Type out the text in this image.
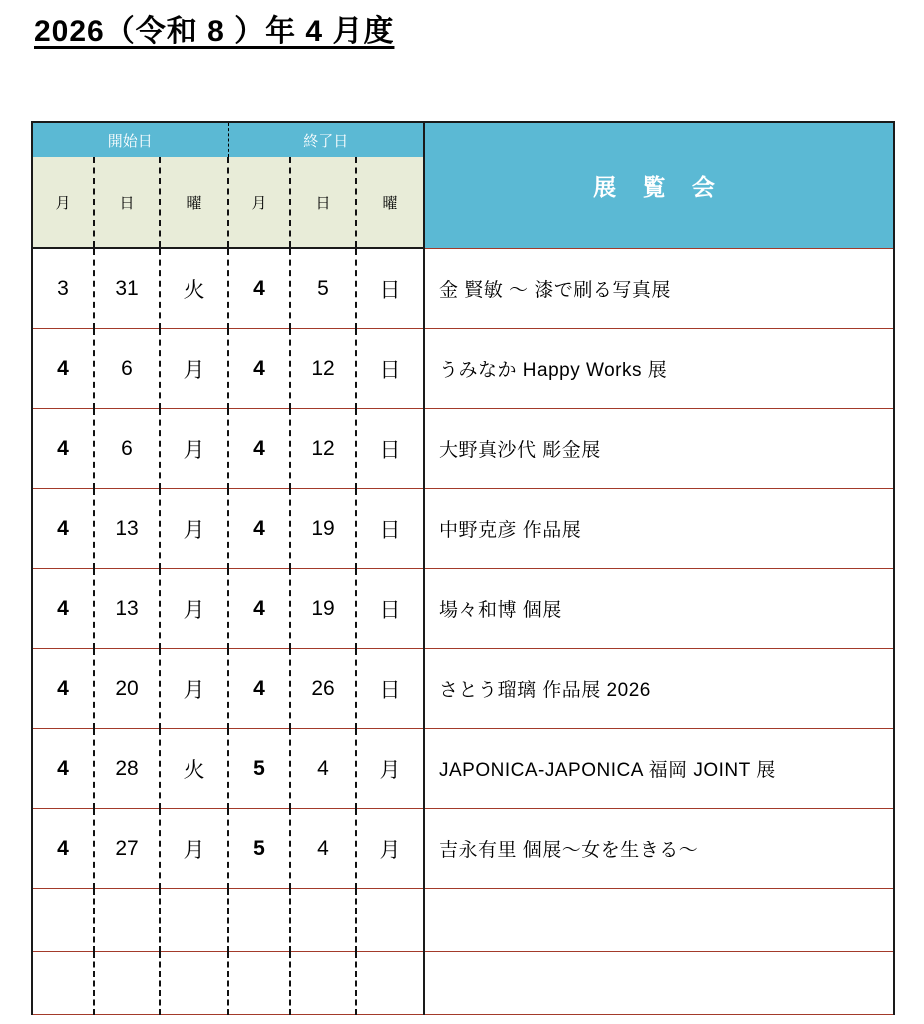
2026（令和 8 ）年 4 月度
開始日			終了日			展 覧 会
月	日	曜	月	日	曜	
3	31	火	4	5	日	金 賢敏 ～ 漆で刷る写真展
4	6	月	4	12	日	うみなか Happy Works 展
4	6	月	4	12	日	大野真沙代 彫金展
4	13	月	4	19	日	中野克彦 作品展
4	13	月	4	19	日	場々和博 個展
4	20	月	4	26	日	さとう瑠璃 作品展 2026
4	28	火	5	4	月	JAPONICA-JAPONICA 福岡 JOINT 展
4	27	月	5	4	月	吉永有里 個展～女を生きる～
